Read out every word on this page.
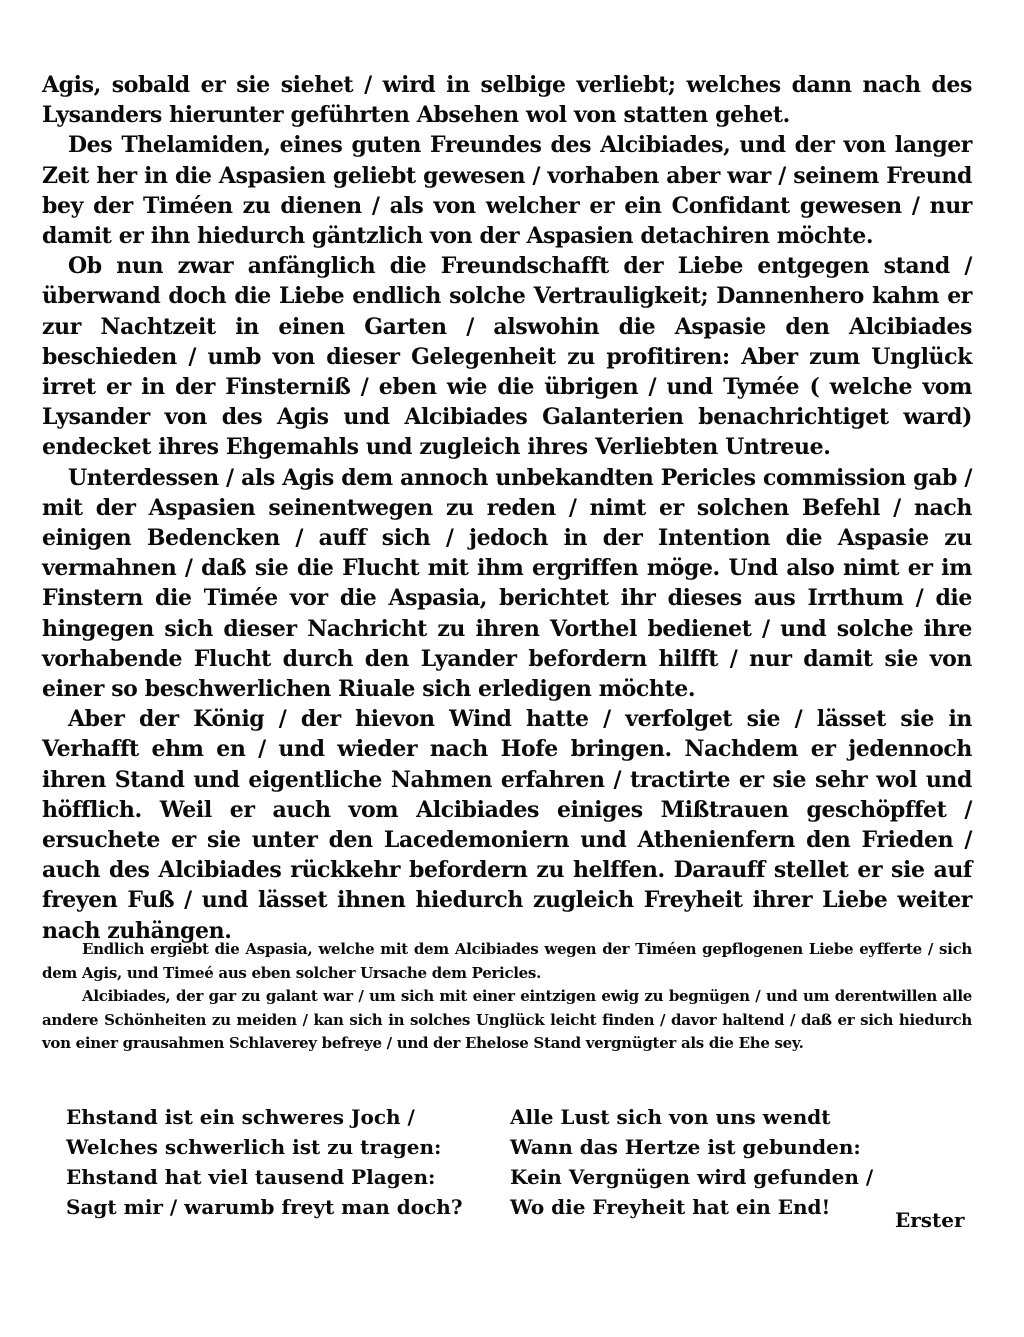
Agis, sobald er sie siehet / wird in selbige verliebt; welches dann nach des Lysanders hierunter geführten Absehen wol von statten gehet.

Des Thelamiden, eines guten Freundes des Alcibiades, und der von langer Zeit her in die Aspasien geliebt gewesen / vorhaben aber war / seinem Freund bey der Timéen zu dienen / als von welcher er ein Confidant gewesen / nur damit er ihn hiedurch gäntzlich von der Aspasien detachiren möchte.

Ob nun zwar anfänglich die Freundschafft der Liebe entgegen stand / überwand doch die Liebe endlich solche Vertrauligkeit; Dannenhero kahm er zur Nachtzeit in einen Garten / alswohin die Aspasie den Alcibiades beschieden / umb von dieser Gelegenheit zu profitiren: Aber zum Unglück irret er in der Finsterniß / eben wie die übrigen / und Tymée ( welche vom Lysander von des Agis und Alcibiades Galanterien benachrichtiget ward) endecket ihres Ehgemahls und zugleich ihres Verliebten Untreue.

Unterdessen / als Agis dem annoch unbekandten Pericles commission gab / mit der Aspasien seinentwegen zu reden / nimt er solchen Befehl / nach einigen Bedencken / auff sich / jedoch in der Intention die Aspasie zu vermahnen / daß sie die Flucht mit ihm ergriffen möge. Und also nimt er im Finstern die Timée vor die Aspasia, berichtet ihr dieses aus Irrthum / die hingegen sich dieser Nachricht zu ihren Vorthel bedienet / und solche ihre vorhabende Flucht durch den Lyander befordern hilfft / nur damit sie von einer so beschwerlichen Riuale sich erledigen möchte.

Aber der König / der hievon Wind hatte / verfolget sie / lässet sie in Verhafft ehm en / und wieder nach Hofe bringen. Nachdem er jedennoch ihren Stand und eigentliche Nahmen erfahren / tractirte er sie sehr wol und höfflich. Weil er auch vom Alcibiades einiges Mißtrauen geschöpffet / ersuchete er sie unter den Lacedemoniern und Athenienfern den Frieden / auch des Alcibiades rückkehr befordern zu helffen. Darauff stellet er sie auf freyen Fuß / und lässet ihnen hiedurch zugleich Freyheit ihrer Liebe weiter nach zuhängen.

Endlich ergiebt die Aspasia, welche mit dem Alcibiades wegen der Timéen gepflogenen Liebe eyfferte / sich dem Agis, und Timeé aus eben solcher Ursache dem Pericles.

Alcibiades, der gar zu galant war / um sich mit einer eintzigen ewig zu begnügen / und um derentwillen alle andere Schönheiten zu meiden / kan sich in solches Unglück leicht finden / davor haltend / daß er sich hiedurch von einer grausahmen Schlaverey befreye / und der Ehelose Stand vergnügter als die Ehe sey.

Ehstand ist ein schweres Joch /
Welches schwerlich ist zu tragen:
Ehstand hat viel tausend Plagen:
Sagt mir / warumb freyt man doch?
Alle Lust sich von uns wendt
Wann das Hertze ist gebunden:
Kein Vergnügen wird gefunden /
Wo die Freyheit hat ein End!
Erster
